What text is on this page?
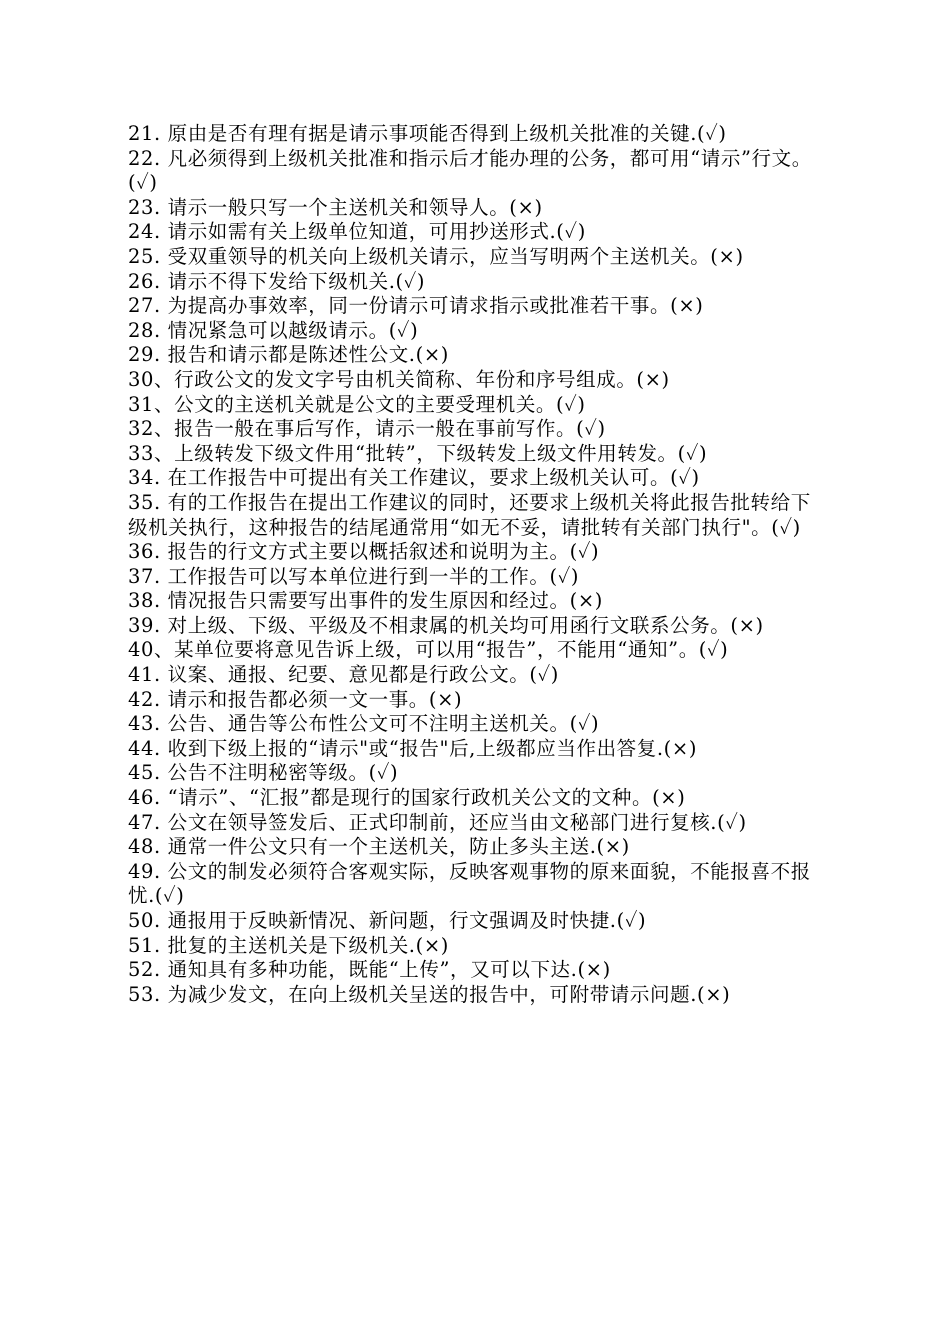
21. 原由是否有理有据是请示事项能否得到上级机关批准的关键.(✓)

22. 凡必须得到上级机关批准和指示后才能办理的公务，都可用“请示”行文。(✓)

23. 请示一般只写一个主送机关和领导人。(×)

24. 请示如需有关上级单位知道，可用抄送形式.(✓)

25. 受双重领导的机关向上级机关请示，应当写明两个主送机关。(×)

26. 请示不得下发给下级机关.(✓)

27. 为提高办事效率，同一份请示可请求指示或批准若干事。(×)

28. 情况紧急可以越级请示。(✓)

29. 报告和请示都是陈述性公文.(×)

30、行政公文的发文字号由机关简称、年份和序号组成。(×)

31、公文的主送机关就是公文的主要受理机关。(✓)

32、报告一般在事后写作，请示一般在事前写作。(✓)

33、上级转发下级文件用“批转”，下级转发上级文件用转发。(✓)

34. 在工作报告中可提出有关工作建议，要求上级机关认可。(✓)

35. 有的工作报告在提出工作建议的同时，还要求上级机关将此报告批转给下级机关执行，这种报告的结尾通常用“如无不妥，请批转有关部门执行"。(✓)

36. 报告的行文方式主要以概括叙述和说明为主。(✓)

37. 工作报告可以写本单位进行到一半的工作。(✓)

38. 情况报告只需要写出事件的发生原因和经过。(×)

39. 对上级、下级、平级及不相隶属的机关均可用函行文联系公务。(×)

40、某单位要将意见告诉上级，可以用“报告”，不能用“通知”。(✓)

41. 议案、通报、纪要、意见都是行政公文。(✓)

42. 请示和报告都必须一文一事。(×)

43. 公告、通告等公布性公文可不注明主送机关。(✓)

44. 收到下级上报的“请示"或“报告"后,上级都应当作出答复.(×)

45. 公告不注明秘密等级。(✓)

46. “请示”、“汇报”都是现行的国家行政机关公文的文种。(×)

47. 公文在领导签发后、正式印制前，还应当由文秘部门进行复核.(✓)

48. 通常一件公文只有一个主送机关，防止多头主送.(×)

49. 公文的制发必须符合客观实际，反映客观事物的原来面貌，不能报喜不报忧.(✓)

50. 通报用于反映新情况、新问题，行文强调及时快捷.(✓)

51. 批复的主送机关是下级机关.(×)

52. 通知具有多种功能，既能“上传”，又可以下达.(×)

53. 为减少发文，在向上级机关呈送的报告中，可附带请示问题.(×)
